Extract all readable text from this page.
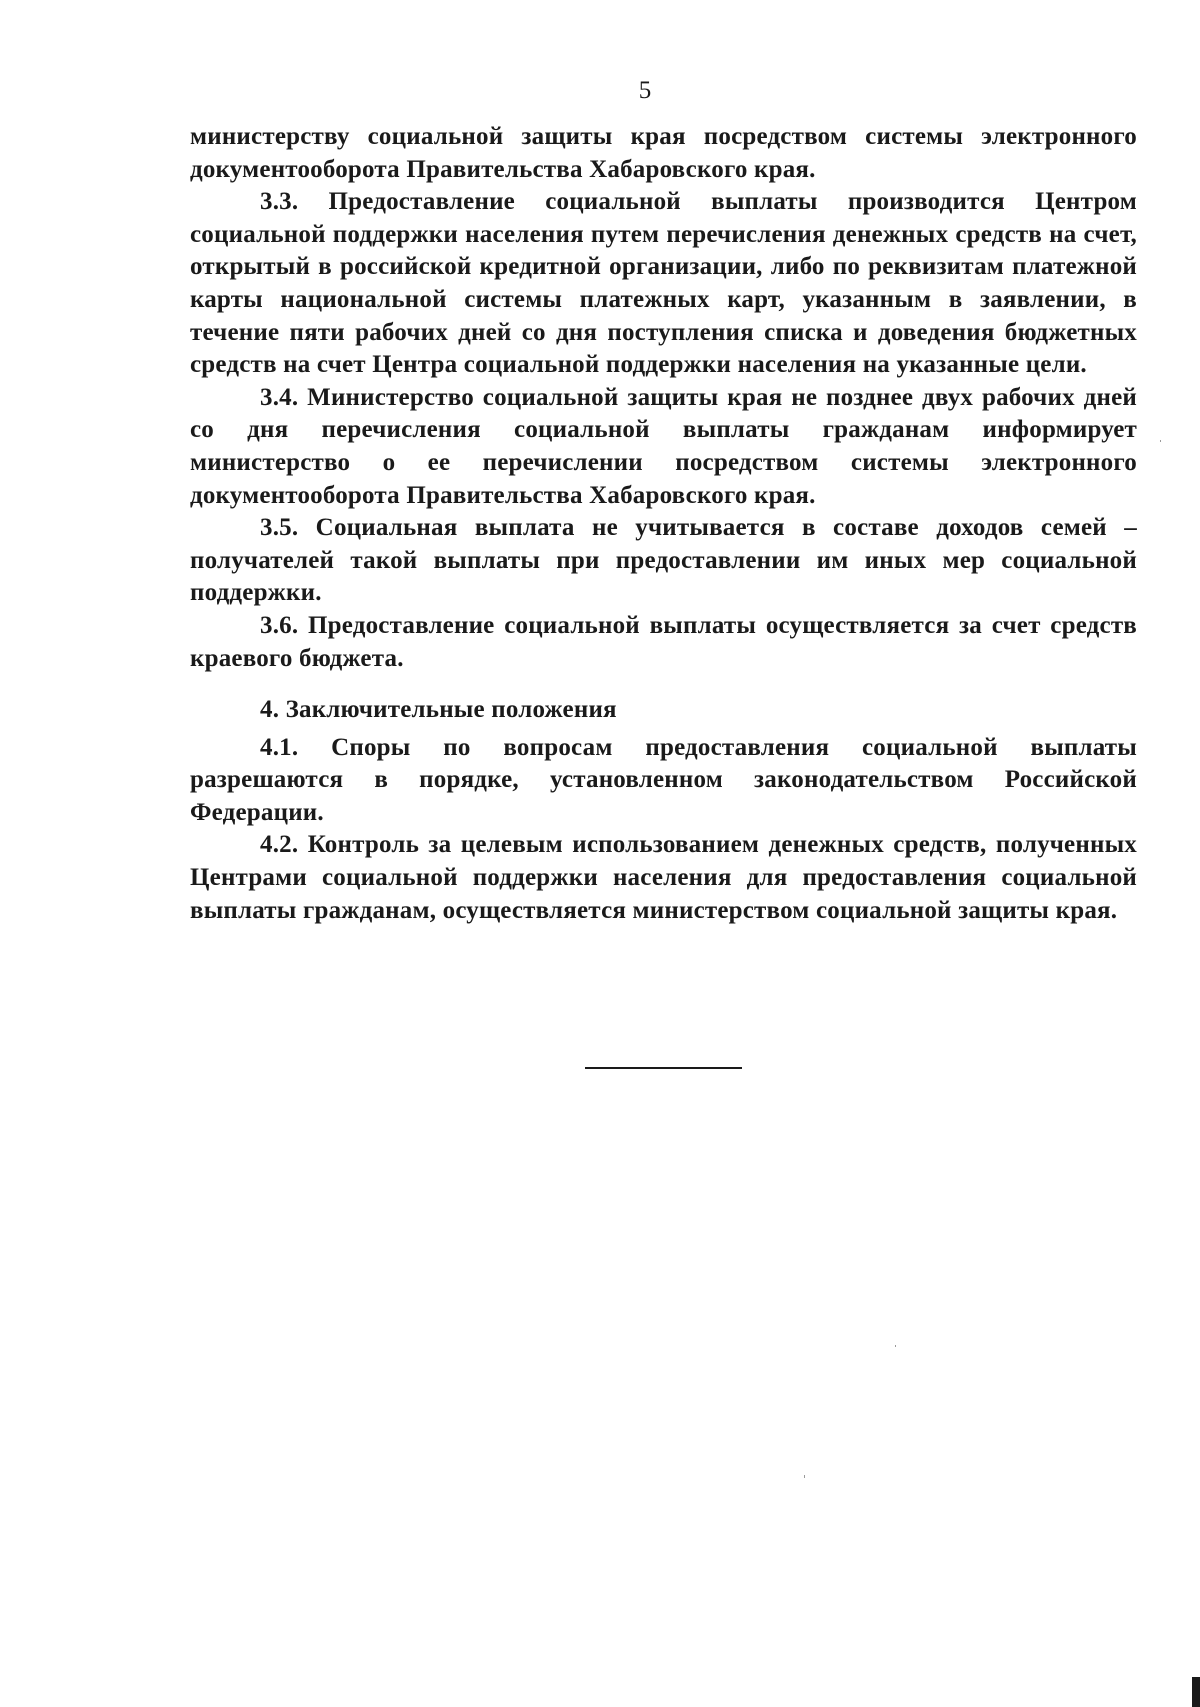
5

министерству социальной защиты края посредством системы электронного документооборота Правительства Хабаровского края.

3.3. Предоставление социальной выплаты производится Центром социальной поддержки населения путем перечисления денежных средств на счет, открытый в российской кредитной организации, либо по реквизитам платежной карты национальной системы платежных карт, указанным в заявлении, в течение пяти рабочих дней со дня поступления списка и доведения бюджетных средств на счет Центра социальной поддержки населения на указанные цели.

3.4. Министерство социальной защиты края не позднее двух рабочих дней со дня перечисления социальной выплаты гражданам информирует министерство о ее перечислении посредством системы электронного документооборота Правительства Хабаровского края.

3.5. Социальная выплата не учитывается в составе доходов семей – получателей такой выплаты при предоставлении им иных мер социальной поддержки.

3.6. Предоставление социальной выплаты осуществляется за счет средств краевого бюджета.

4. Заключительные положения

4.1. Споры по вопросам предоставления социальной выплаты разрешаются в порядке, установленном законодательством Российской Федерации.

4.2. Контроль за целевым использованием денежных средств, полученных Центрами социальной поддержки населения для предоставления социальной выплаты гражданам, осуществляется министерством социальной защиты края.
